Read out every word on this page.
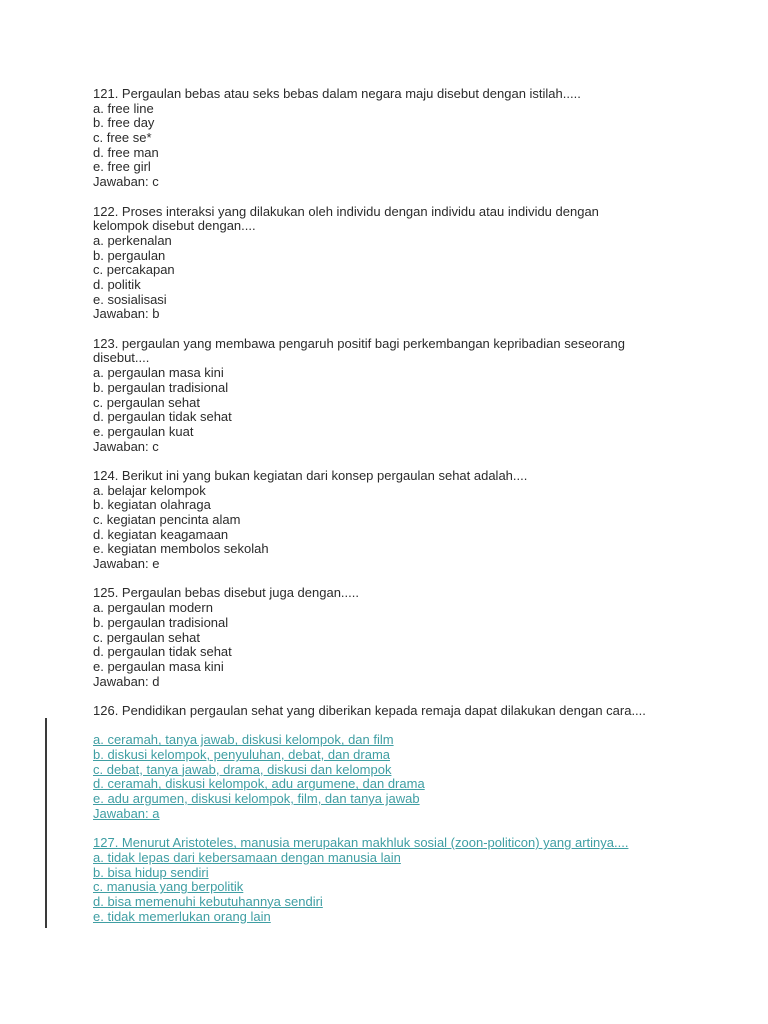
121. Pergaulan bebas atau seks bebas dalam negara maju disebut dengan istilah.....
a. free line
b. free day
c. free se*
d. free man
e. free girl
Jawaban: c
122. Proses interaksi yang dilakukan oleh individu dengan individu atau individu dengan kelompok disebut dengan....
a. perkenalan
b. pergaulan
c. percakapan
d. politik
e. sosialisasi
Jawaban: b
123. pergaulan yang membawa pengaruh positif bagi perkembangan kepribadian seseorang disebut....
a. pergaulan masa kini
b. pergaulan tradisional
c. pergaulan sehat
d. pergaulan tidak sehat
e. pergaulan kuat
Jawaban: c
124. Berikut ini yang bukan kegiatan dari konsep pergaulan sehat adalah....
a. belajar kelompok
b. kegiatan olahraga
c. kegiatan pencinta alam
d. kegiatan keagamaan
e. kegiatan membolos sekolah
Jawaban: e
125. Pergaulan bebas disebut juga dengan.....
a. pergaulan modern
b. pergaulan tradisional
c. pergaulan sehat
d. pergaulan tidak sehat
e. pergaulan masa kini
Jawaban: d
126. Pendidikan pergaulan sehat yang diberikan kepada remaja dapat dilakukan dengan cara....
a. ceramah, tanya jawab, diskusi kelompok, dan film
b. diskusi kelompok, penyuluhan, debat, dan drama
c. debat, tanya jawab, drama, diskusi dan kelompok
d. ceramah, diskusi kelompok, adu argumene, dan drama
e. adu argumen, diskusi kelompok, film, dan tanya jawab
Jawaban: a
127. Menurut Aristoteles, manusia merupakan makhluk sosial (zoon-politicon) yang artinya....
a. tidak lepas dari kebersamaan dengan manusia lain
b. bisa hidup sendiri
c. manusia yang berpolitik
d. bisa memenuhi kebutuhannya sendiri
e. tidak memerlukan orang lain
